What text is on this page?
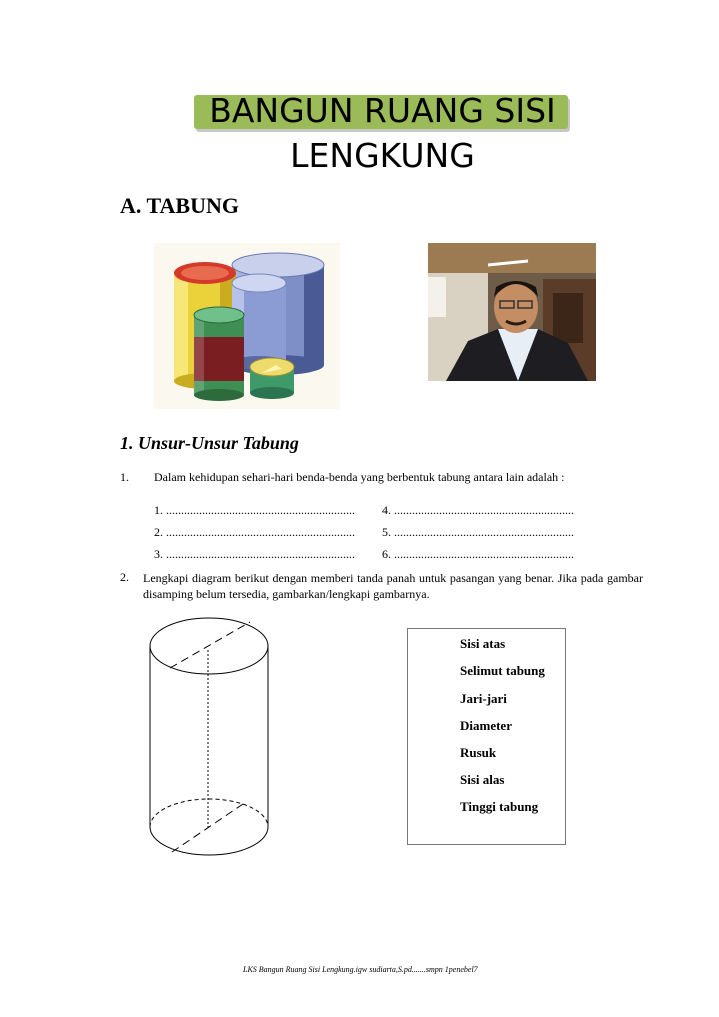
BANGUN RUANG SISI
LENGKUNG
A. TABUNG
1. Unsur-Unsur Tabung
1. Dalam kehidupan sehari-hari benda-benda yang berbentuk tabung antara lain adalah :
1. ...............................................................
2. ...............................................................
3. ...............................................................
4. ............................................................
5. ............................................................
6. ............................................................
2. Lengkapi diagram berikut dengan memberi tanda panah untuk pasangan yang benar. Jika pada gambar disamping belum tersedia, gambarkan/lengkapi gambarnya.
Sisi atas
Selimut tabung
Jari-jari
Diameter
Rusuk
Sisi alas
Tinggi tabung
LKS Bangun Ruang Sisi Lengkung.igw sudiarta,S.pd.......smpn 1penebel7
